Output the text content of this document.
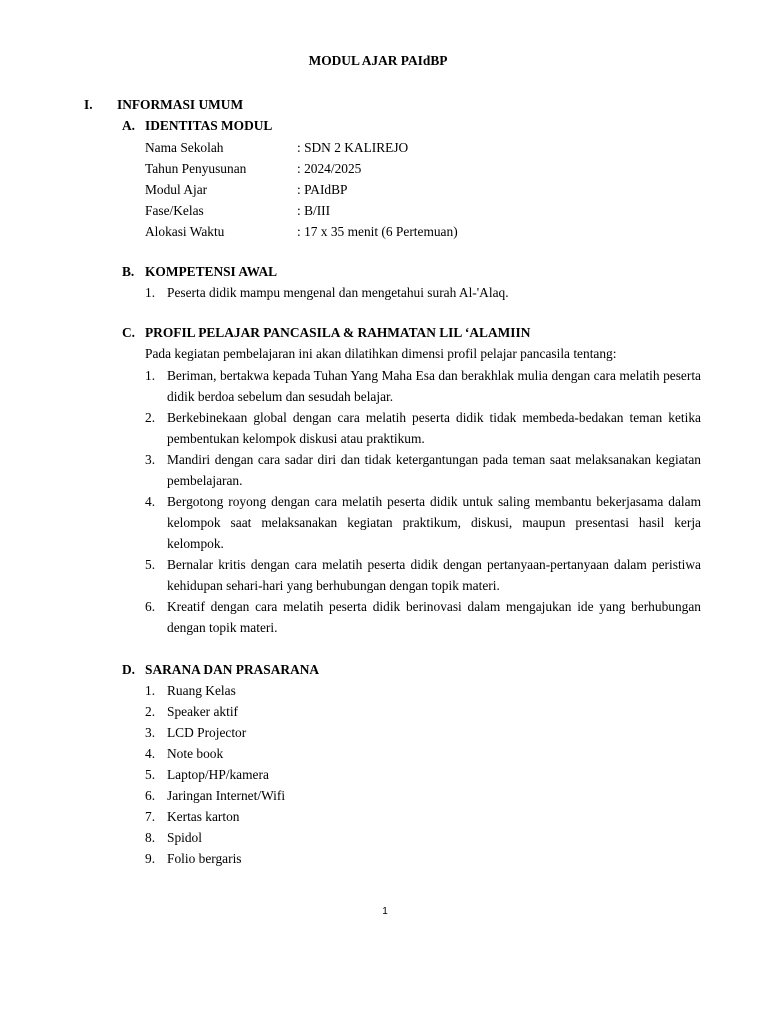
MODUL AJAR PAIdBP
I. INFORMASI UMUM
A. IDENTITAS MODUL
Nama Sekolah	: SDN 2 KALIREJO
Tahun Penyusunan	: 2024/2025
Modul Ajar	: PAIdBP
Fase/Kelas	: B/III
Alokasi Waktu	: 17 x 35 menit (6 Pertemuan)
B. KOMPETENSI AWAL
1. Peserta didik mampu mengenal dan mengetahui surah Al-'Alaq.
C. PROFIL PELAJAR PANCASILA & RAHMATAN LIL ‘ALAMIIN
Pada kegiatan pembelajaran ini akan dilatihkan dimensi profil pelajar pancasila tentang:
1. Beriman, bertakwa kepada Tuhan Yang Maha Esa dan berakhlak mulia dengan cara melatih peserta didik berdoa sebelum dan sesudah belajar.
2. Berkebinekaan global dengan cara melatih peserta didik tidak membeda-bedakan teman ketika pembentukan kelompok diskusi atau praktikum.
3. Mandiri dengan cara sadar diri dan tidak ketergantungan pada teman saat melaksanakan kegiatan pembelajaran.
4. Bergotong royong dengan cara melatih peserta didik untuk saling membantu bekerjasama dalam kelompok saat melaksanakan kegiatan praktikum, diskusi, maupun presentasi hasil kerja kelompok.
5. Bernalar kritis dengan cara melatih peserta didik dengan pertanyaan-pertanyaan dalam peristiwa kehidupan sehari-hari yang berhubungan dengan topik materi.
6. Kreatif dengan cara melatih peserta didik berinovasi dalam mengajukan ide yang berhubungan dengan topik materi.
D. SARANA DAN PRASARANA
1. Ruang Kelas
2. Speaker aktif
3. LCD Projector
4. Note book
5. Laptop/HP/kamera
6. Jaringan Internet/Wifi
7. Kertas karton
8. Spidol
9. Folio bergaris
1
